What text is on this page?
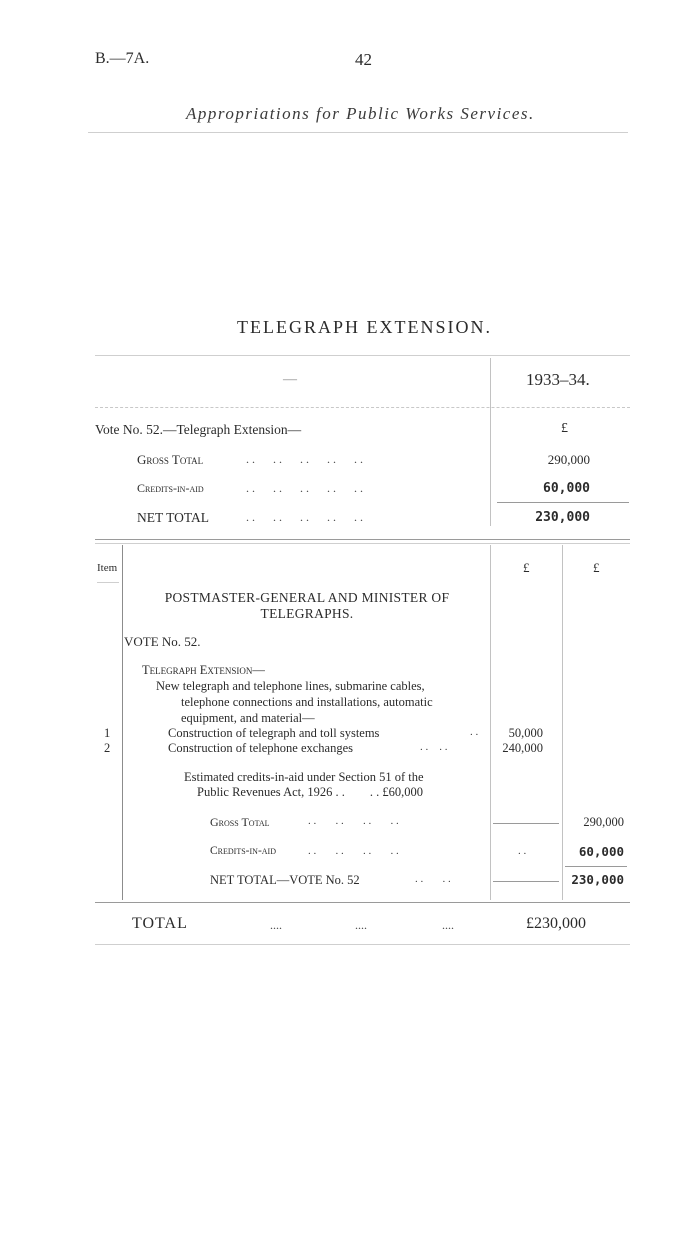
B.—7A.	42
Appropriations for Public Works Services.
TELEGRAPH EXTENSION.
—	1933–34.
Vote No. 52.—Telegraph Extension—	£
Gross Total	. .      . .      . .      . .      . .	290,000
Credits-in-aid	. .      . .      . .      . .      . .	60,000
NET TOTAL	. .      . .      . .      . .      . .	230,000
Item	£	£
POSTMASTER-GENERAL AND MINISTER OF
TELEGRAPHS.
VOTE No. 52.
Telegraph Extension—
New telegraph and telephone lines, submarine cables,
telephone connections and installations, automatic
equipment, and material—
1	Construction of telegraph and toll systems	. .	50,000
2	Construction of telephone exchanges	. .    . .	240,000
Estimated credits-in-aid under Section 51 of the
Public Revenues Act, 1926 . .        . . £60,000
Gross Total	. .       . .       . .       . .	290,000
Credits-in-aid	. .       . .       . .       . .	. .	60,000
NET TOTAL—VOTE No. 52	. .       . .	230,000
TOTAL	....	....	....	£230,000
